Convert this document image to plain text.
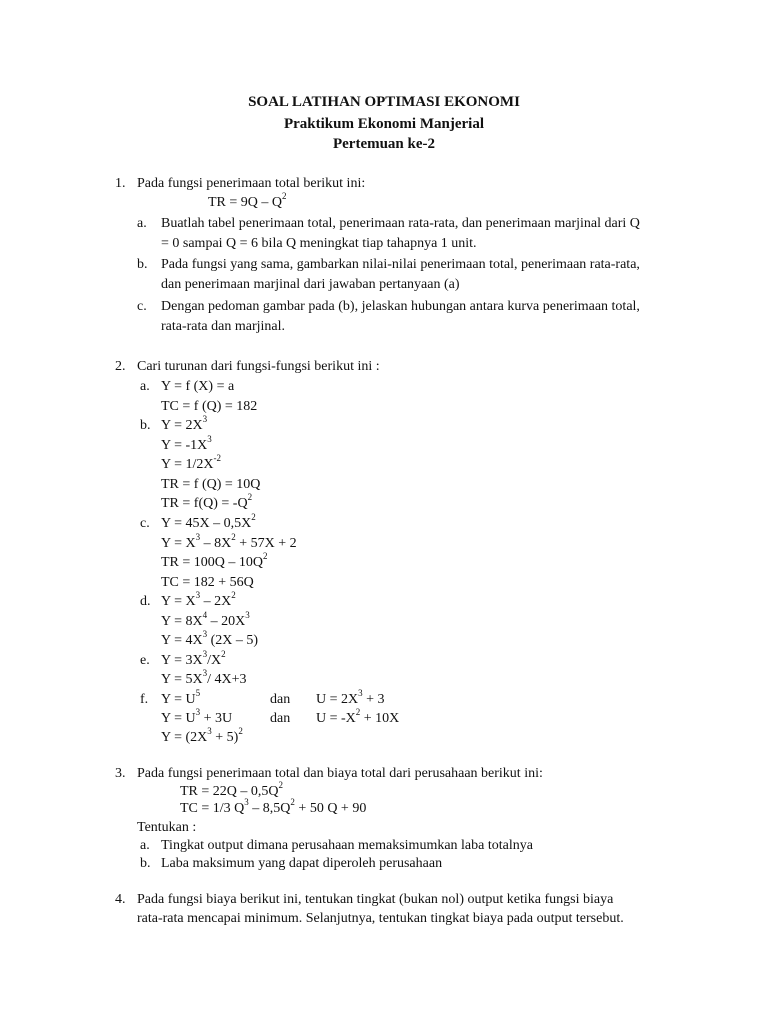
SOAL LATIHAN OPTIMASI EKONOMI
Praktikum Ekonomi Manjerial
Pertemuan ke-2
1. Pada fungsi penerimaan total berikut ini:
TR = $9Q - Q^2$
a. Buatlah tabel penerimaan total, penerimaan rata-rata, dan penerimaan marjinal dari Q
= 0 sampai Q = 6 bila Q meningkat tiap tahapnya 1 unit.
b. Pada fungsi yang sama, gambarkan nilai-nilai penerimaan total, penerimaan rata-rata,
dan penerimaan marjinal dari jawaban pertanyaan (a)
c. Dengan pedoman gambar pada (b), jelaskan hubungan antara kurva penerimaan total,
rata-rata dan marjinal.
2. Cari turunan dari fungsi-fungsi berikut ini :
a. Y = f (X) = a
TC = f (Q) = 182
b. $Y = 2X^3$
$Y = -1X^3$
$Y = 1/2X^{-2}$
TR = f (Q) = 10Q
TR = $f(Q) = -Q^2$
c. $Y = 45X - 0,5X^2$
$Y = X^3 - 8X^2 + 57X + 2$
TR = $100Q - 10Q^2$
TC = 182 + 56Q
d. $Y = X^3 - 2X^2$
$Y = 8X^4 - 20X^3$
$Y = 4X^3$ (2X – 5)
e. $Y = 3X^3/X^2$
$Y = 5X^3/$ 4X+3
f. $Y = U^5$	dan $U = 2X^3 + 3$
$Y = U^3 + 3U$	dan $U = -X^2 + 10X$
$Y = (2X^3 + 5)^2$
3. Pada fungsi penerimaan total dan biaya total dari perusahaan berikut ini:
TR = $22Q - 0,5Q^2$
TC = 1/3 $Q^3 - 8,5Q^2 + 50$ Q + 90
Tentukan :
a. Tingkat output dimana perusahaan memaksimumkan laba totalnya
b. Laba maksimum yang dapat diperoleh perusahaan
4. Pada fungsi biaya berikut ini, tentukan tingkat (bukan nol) output ketika fungsi biaya
rata-rata mencapai minimum. Selanjutnya, tentukan tingkat biaya pada output tersebut.
